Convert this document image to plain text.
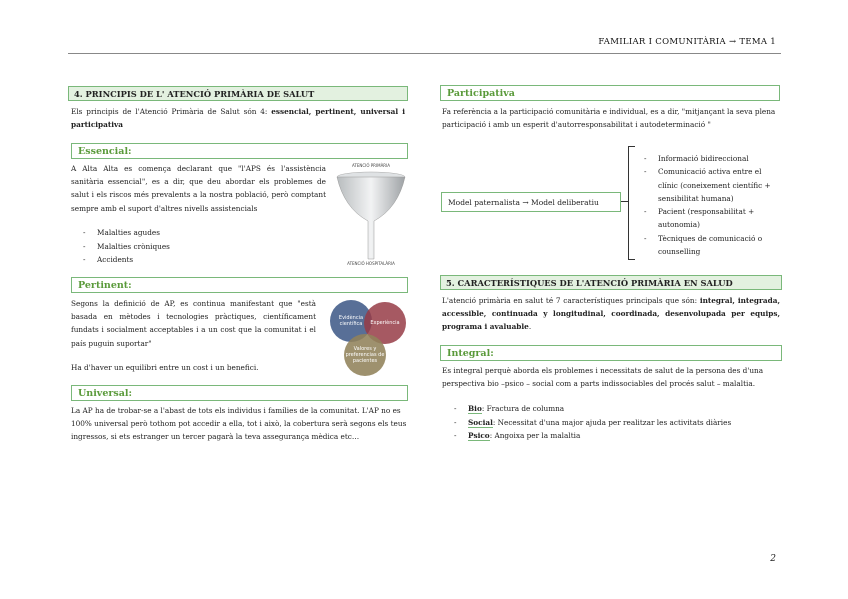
FAMILIAR I COMUNITÀRIA → TEMA 1
4. PRINCIPIS DE L' ATENCIÓ PRIMÀRIA DE SALUT
Els principis de l'Atenció Primària de Salut són 4: essencial, pertinent, universal i participativa
Essencial:
A Alta Alta es comença declarant que "l'APS és l'assistència sanitària essencial", es a dir, que deu abordar els problemes de salut i els riscos més prevalents a la nostra població, però comptant sempre amb el suport d'altres nivells assistencials
- Malalties agudes
- Malalties cròniques
- Accidents
ATENCIÓ PRIMÀRIA
ATENCIÓ HOSPITALÀRIA
Pertinent:
Segons la definició de AP, es continua manifestant que "està basada en mètodes i tecnologies pràctiques, científicament fundats i socialment acceptables i a un cost que la comunitat i el país puguin suportar"
Ha d'haver un equilibri entre un cost i un benefici.
Evidència científica	Experiència
Valores y preferencias de pacientes
Universal:
La AP ha de trobar-se a l'abast de tots els individus i famílies de la comunitat. L'AP no es 100% universal però tothom pot accedir a ella, tot i això, la cobertura serà segons els teus ingressos, si ets estranger un tercer pagarà la teva assegurança mèdica etc…
Participativa
Fa referència a la participació comunitària e individual, es a dir, "mitjançant la seva plena participació i amb un esperit d'autorresponsabilitat i autodeterminació "
Model paternalista → Model deliberatiu
- Informació bidireccional
- Comunicació activa entre el clínic (coneixement científic + sensibilitat humana)
- Pacient (responsabilitat + autonomia)
- Tècniques de comunicació o counselling
5. CARACTERÍSTIQUES DE L'ATENCIÓ PRIMÀRIA EN SALUD
L'atenció primària en salut té 7 característiques principals que són: integral, integrada, accessible, continuada y longitudinal, coordinada, desenvolupada per equips, programa i avaluable.
Integral:
Es integral perquè aborda els problemes i necessitats de salut de la persona des d'una perspectiva bio –psico – social com a parts indissociables del procés salut – malaltia.
- Bio: Fractura de columna
- Social: Necessitat d'una major ajuda per realitzar les activitats diàries
- Psico: Angoixa per la malaltia
2
